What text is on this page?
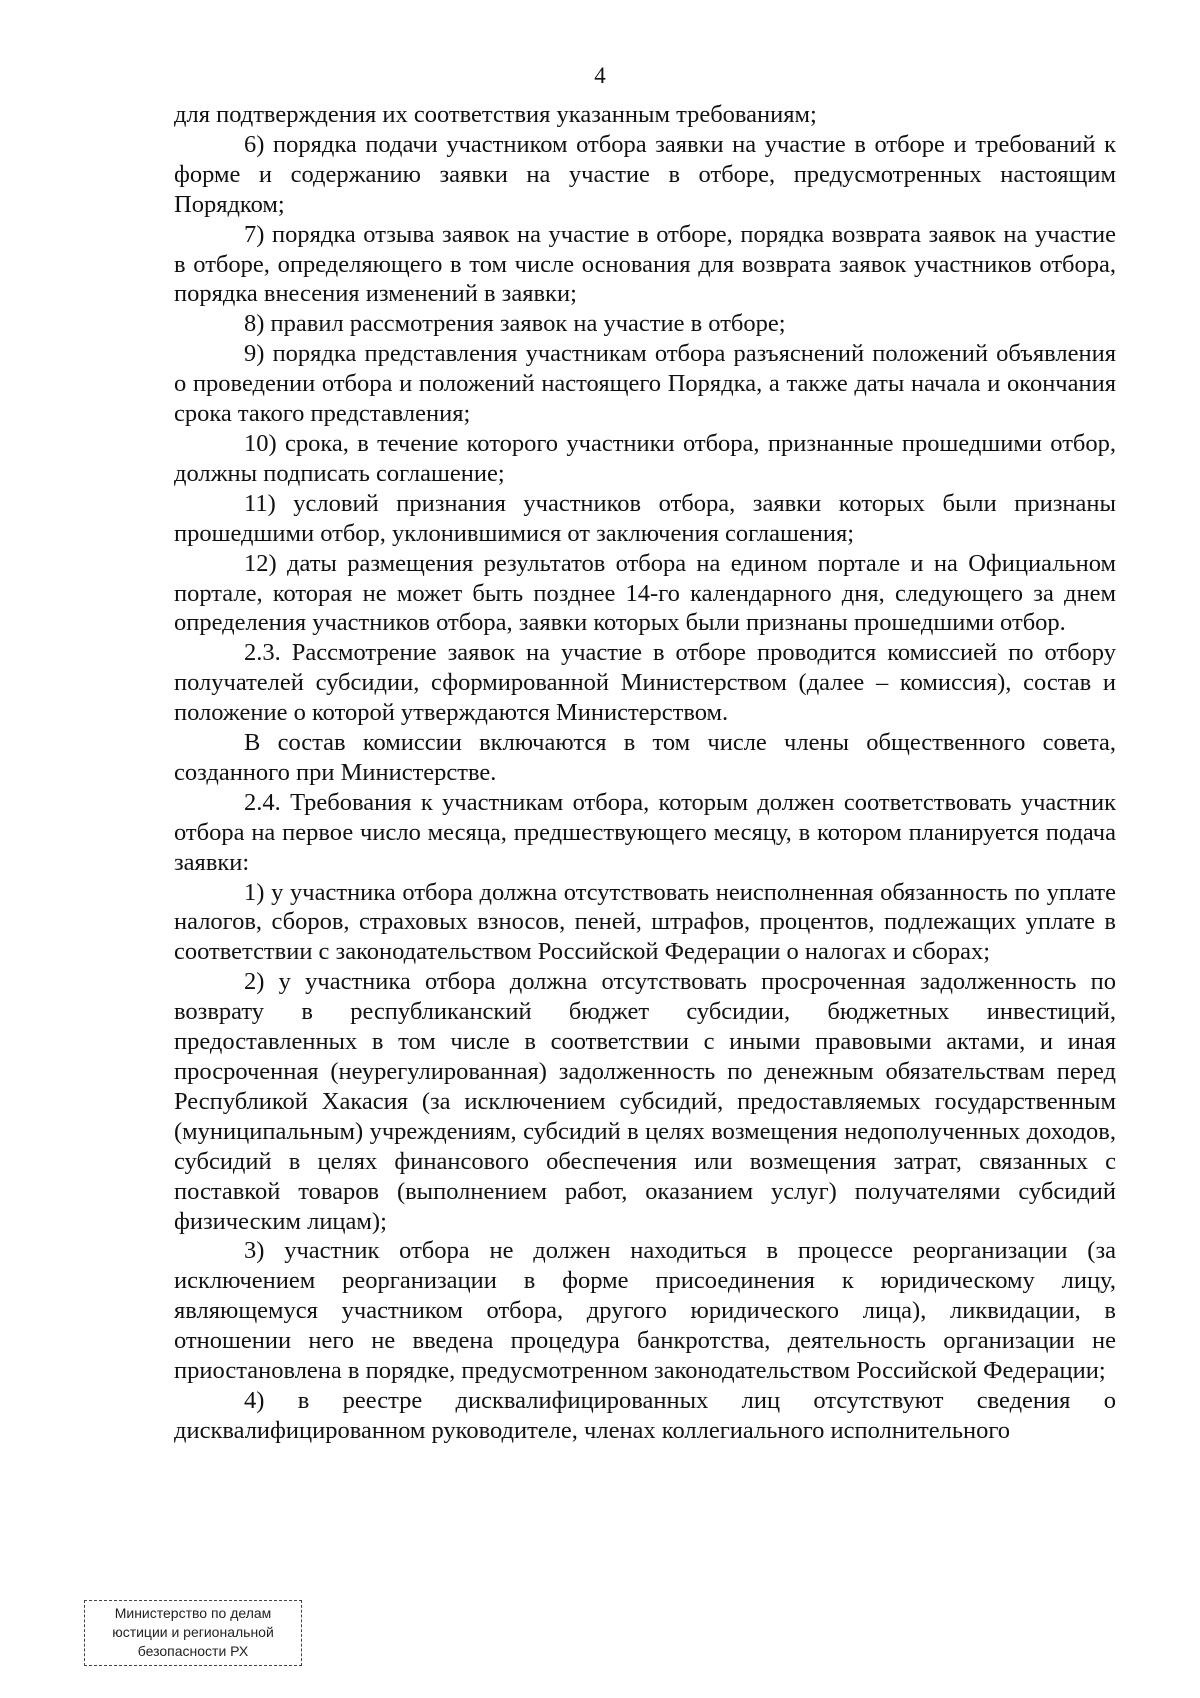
4

для подтверждения их соответствия указанным требованиям;

6) порядка подачи участником отбора заявки на участие в отборе и требований к форме и содержанию заявки на участие в отборе, предусмотренных настоящим Порядком;

7) порядка отзыва заявок на участие в отборе, порядка возврата заявок на участие в отборе, определяющего в том числе основания для возврата заявок участников отбора, порядка внесения изменений в заявки;

8) правил рассмотрения заявок на участие в отборе;

9) порядка представления участникам отбора разъяснений положений объявления о проведении отбора и положений настоящего Порядка, а также даты начала и окончания срока такого представления;

10) срока, в течение которого участники отбора, признанные прошедшими отбор, должны подписать соглашение;

11) условий признания участников отбора, заявки которых были признаны прошедшими отбор, уклонившимися от заключения соглашения;

12) даты размещения результатов отбора на едином портале и на Официальном портале, которая не может быть позднее 14-го календарного дня, следующего за днем определения участников отбора, заявки которых были признаны прошедшими отбор.

2.3. Рассмотрение заявок на участие в отборе проводится комиссией по отбору получателей субсидии, сформированной Министерством (далее – комиссия), состав и положение о которой утверждаются Министерством.

В состав комиссии включаются в том числе члены общественного совета, созданного при Министерстве.

2.4. Требования к участникам отбора, которым должен соответствовать участник отбора на первое число месяца, предшествующего месяцу, в котором планируется подача заявки:

1) у участника отбора должна отсутствовать неисполненная обязанность по уплате налогов, сборов, страховых взносов, пеней, штрафов, процентов, подлежащих уплате в соответствии с законодательством Российской Федерации о налогах и сборах;

2) у участника отбора должна отсутствовать просроченная задолженность по возврату в республиканский бюджет субсидии, бюджетных инвестиций, предоставленных в том числе в соответствии с иными правовыми актами, и иная просроченная (неурегулированная) задолженность по денежным обязательствам перед Республикой Хакасия (за исключением субсидий, предоставляемых государственным (муниципальным) учреждениям, субсидий в целях возмещения недополученных доходов, субсидий в целях финансового обеспечения или возмещения затрат, связанных с поставкой товаров (выполнением работ, оказанием услуг) получателями субсидий физическим лицам);

3) участник отбора не должен находиться в процессе реорганизации (за исключением реорганизации в форме присоединения к юридическому лицу, являющемуся участником отбора, другого юридического лица), ликвидации, в отношении него не введена процедура банкротства, деятельность организации не приостановлена в порядке, предусмотренном законодательством Российской Федерации;

4) в реестре дисквалифицированных лиц отсутствуют сведения о дисквалифицированном руководителе, членах коллегиального исполнительного

Министерство по делам
юстиции и региональной
безопасности РХ
